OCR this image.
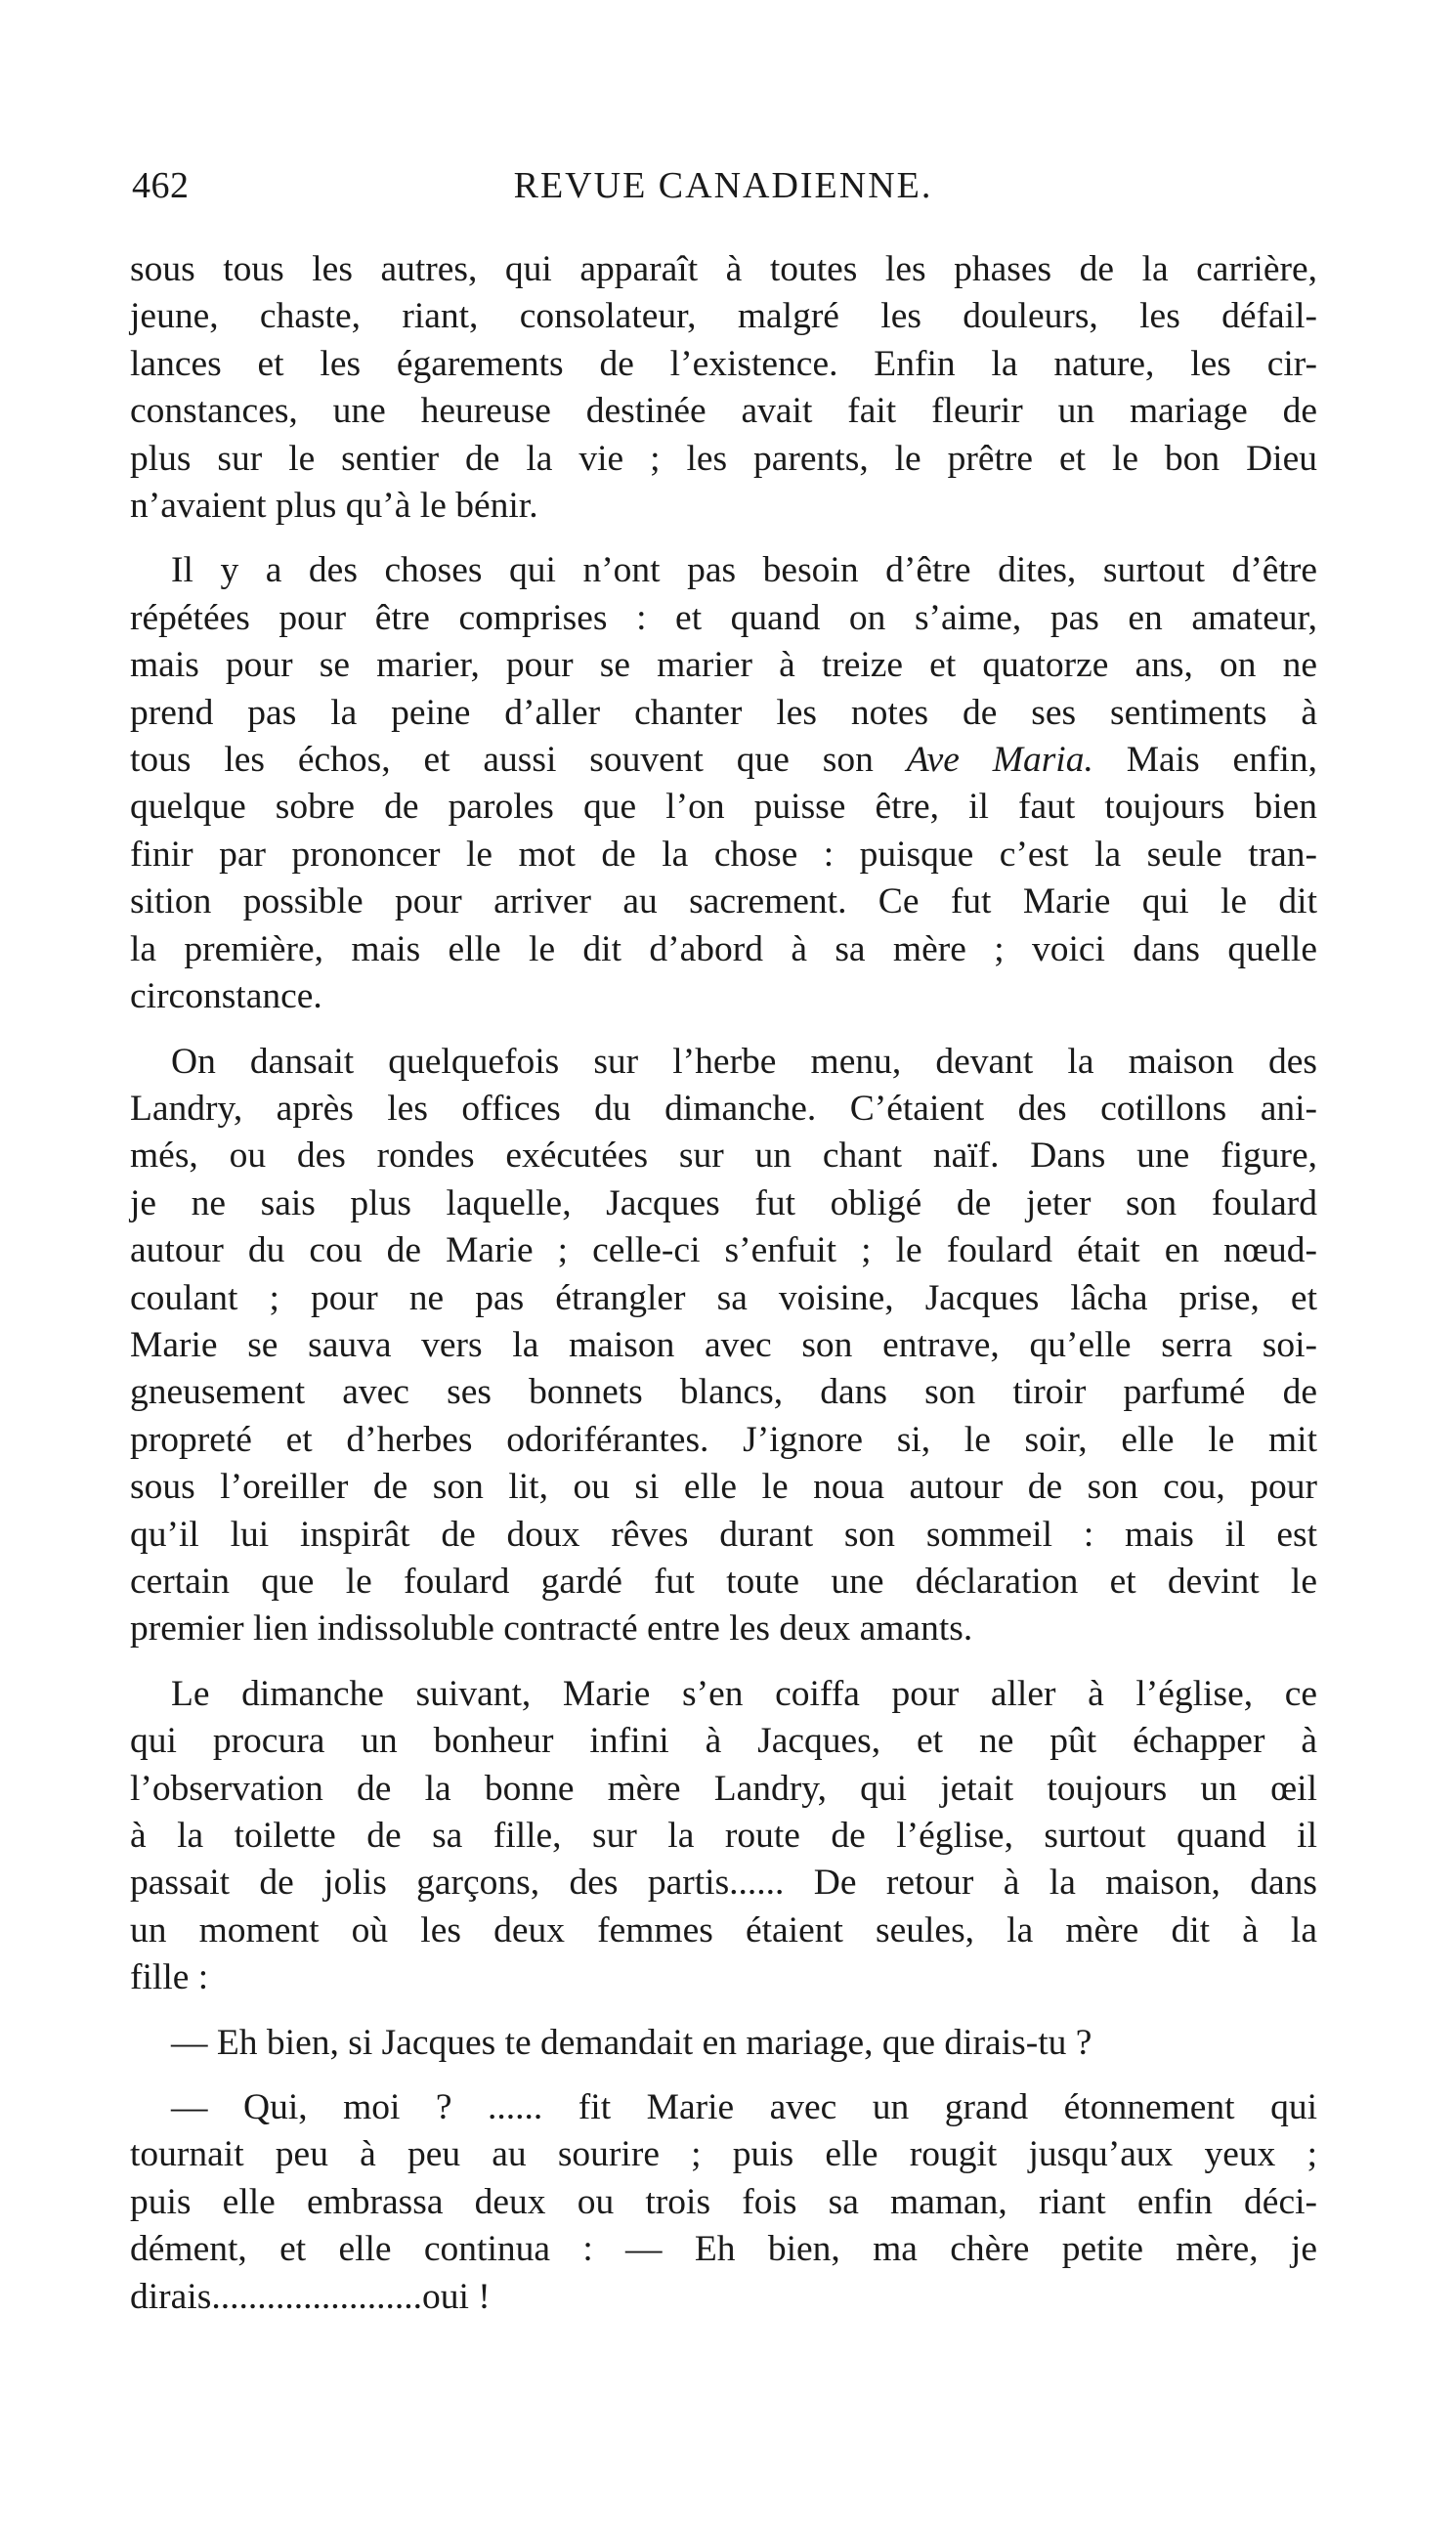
462	REVUE CANADIENNE.

sous tous les autres, qui apparaît à toutes les phases de la carrière,
jeune, chaste, riant, consolateur, malgré les douleurs, les défail-
lances et les égarements de l’existence. Enfin la nature, les cir-
constances, une heureuse destinée avait fait fleurir un mariage de
plus sur le sentier de la vie ; les parents, le prêtre et le bon Dieu
n’avaient plus qu’à le bénir.

Il y a des choses qui n’ont pas besoin d’être dites, surtout d’être
répétées pour être comprises : et quand on s’aime, pas en amateur,
mais pour se marier, pour se marier à treize et quatorze ans, on ne
prend pas la peine d’aller chanter les notes de ses sentiments à
tous les échos, et aussi souvent que son Ave Maria. Mais enfin,
quelque sobre de paroles que l’on puisse être, il faut toujours bien
finir par prononcer le mot de la chose : puisque c’est la seule tran-
sition possible pour arriver au sacrement. Ce fut Marie qui le dit
la première, mais elle le dit d’abord à sa mère ; voici dans quelle
circonstance.

On dansait quelquefois sur l’herbe menu, devant la maison des
Landry, après les offices du dimanche. C’étaient des cotillons ani-
més, ou des rondes exécutées sur un chant naïf. Dans une figure,
je ne sais plus laquelle, Jacques fut obligé de jeter son foulard
autour du cou de Marie ; celle-ci s’enfuit ; le foulard était en nœud-
coulant ; pour ne pas étrangler sa voisine, Jacques lâcha prise, et
Marie se sauva vers la maison avec son entrave, qu’elle serra soi-
gneusement avec ses bonnets blancs, dans son tiroir parfumé de
propreté et d’herbes odoriférantes. J’ignore si, le soir, elle le mit
sous l’oreiller de son lit, ou si elle le noua autour de son cou, pour
qu’il lui inspirât de doux rêves durant son sommeil : mais il est
certain que le foulard gardé fut toute une déclaration et devint le
premier lien indissoluble contracté entre les deux amants.

Le dimanche suivant, Marie s’en coiffa pour aller à l’église, ce
qui procura un bonheur infini à Jacques, et ne pût échapper à
l’observation de la bonne mère Landry, qui jetait toujours un œil
à la toilette de sa fille, sur la route de l’église, surtout quand il
passait de jolis garçons, des partis...... De retour à la maison, dans
un moment où les deux femmes étaient seules, la mère dit à la
fille :

— Eh bien, si Jacques te demandait en mariage, que dirais-tu ?

— Qui, moi ? ...... fit Marie avec un grand étonnement qui
tournait peu à peu au sourire ; puis elle rougit jusqu’aux yeux ;
puis elle embrassa deux ou trois fois sa maman, riant enfin déci-
dément, et elle continua : — Eh bien, ma chère petite mère, je
dirais.......................oui !
